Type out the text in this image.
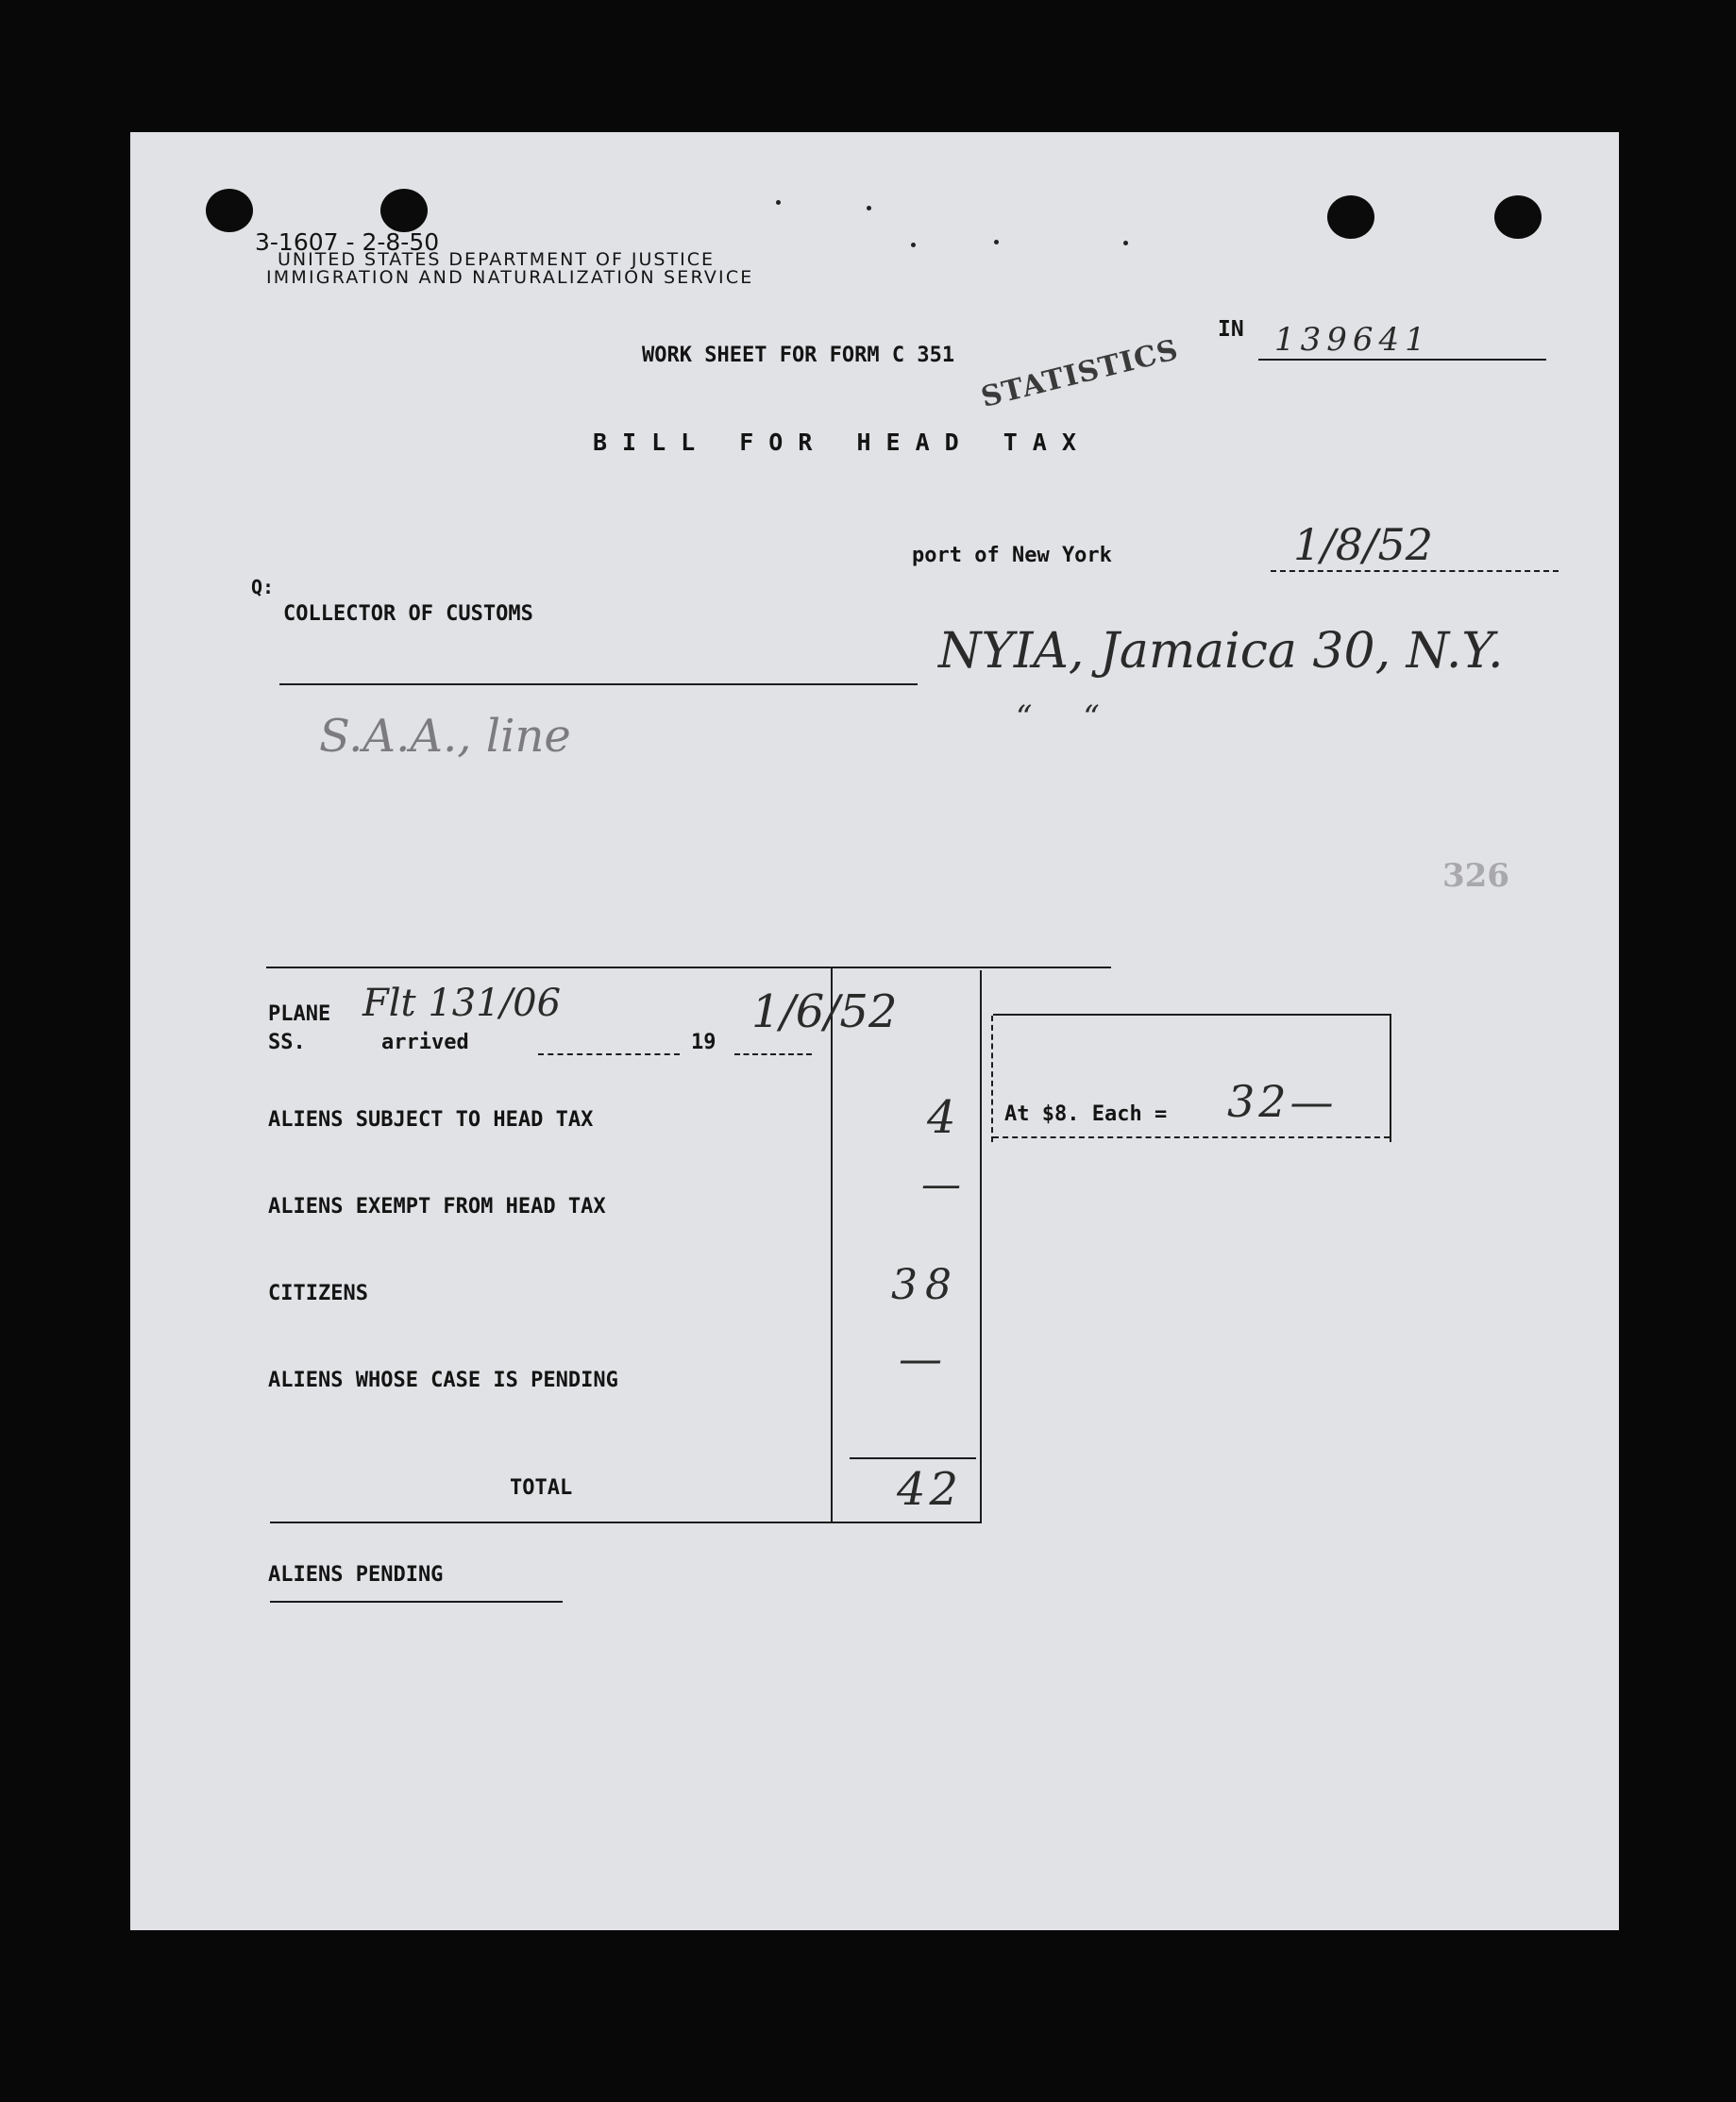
3-1607 - 2-8-50
UNITED STATES DEPARTMENT OF JUSTICE
IMMIGRATION AND NATURALIZATION SERVICE
WORK SHEET FOR FORM C 351 STATISTICS
BILL FOR HEAD TAX
IN 139641
port of New York	1/8/52
Q:
COLLECTOR OF CUSTOMS
NYIA, Jamaica 30, N.Y.
“     “
S.A.A., line
326
PLANE Flt 131/06	1/6/52
SS.	arrived	19
ALIENS SUBJECT TO HEAD TAX	4
ALIENS EXEMPT FROM HEAD TAX	—
CITIZENS	38
ALIENS WHOSE CASE IS PENDING	—
TOTAL	42
At $8. Each = 32—
ALIENS PENDING
